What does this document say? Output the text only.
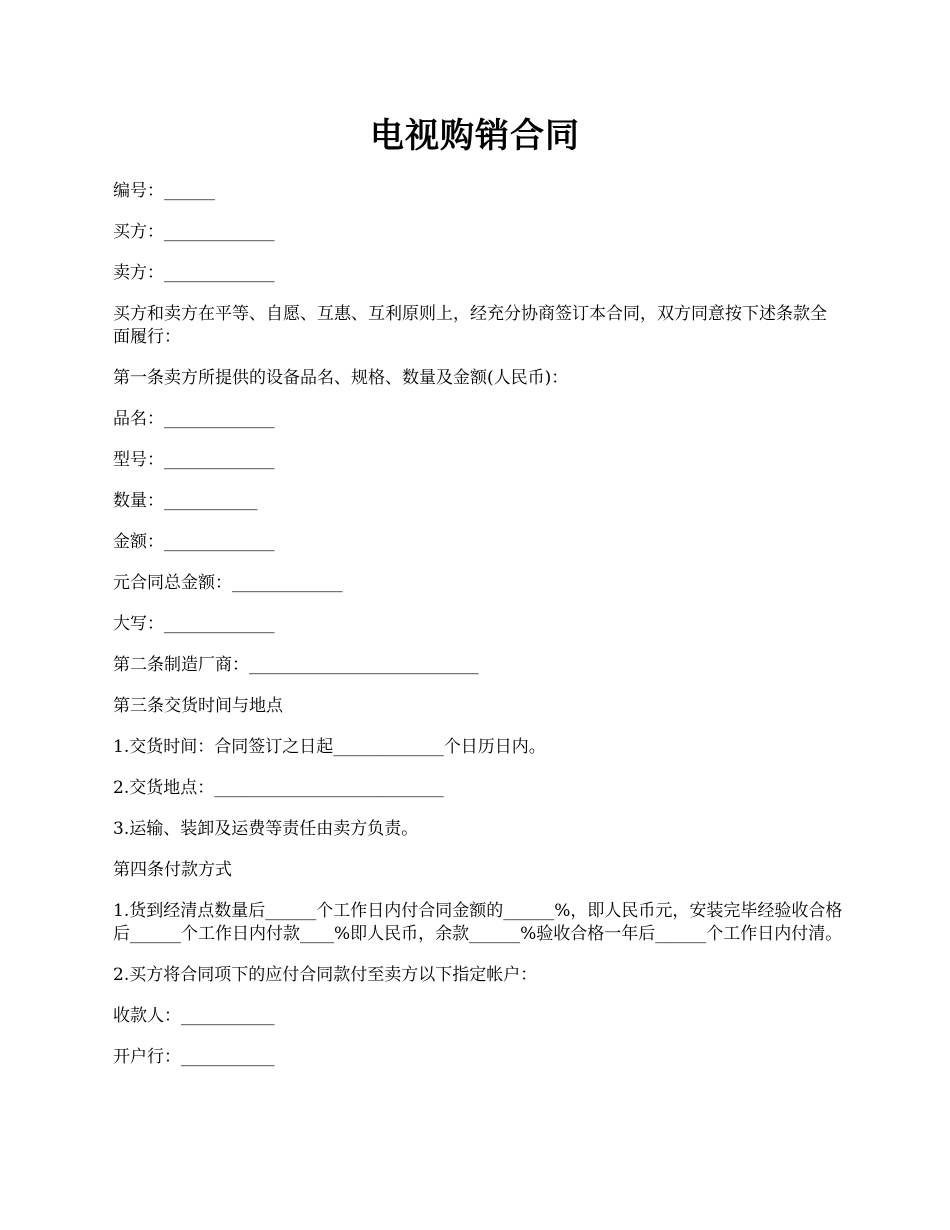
电视购销合同

编号：______

买方：_____________

卖方：_____________

买方和卖方在平等、自愿、互惠、互利原则上，经充分协商签订本合同，双方同意按下述条款全面履行：

第一条卖方所提供的设备品名、规格、数量及金额(人民币)：

品名：_____________

型号：_____________

数量：___________

金额：_____________

元合同总金额：_____________

大写：_____________

第二条制造厂商：___________________________

第三条交货时间与地点

1.交货时间：合同签订之日起_____________个日历日内。

2.交货地点：___________________________

3.运输、装卸及运费等责任由卖方负责。

第四条付款方式

1.货到经清点数量后______个工作日内付合同金额的______%，即人民币元，安装完毕经验收合格后______个工作日内付款____%即人民币，余款______%验收合格一年后______个工作日内付清。

2.买方将合同项下的应付合同款付至卖方以下指定帐户：

收款人：___________

开户行：___________
